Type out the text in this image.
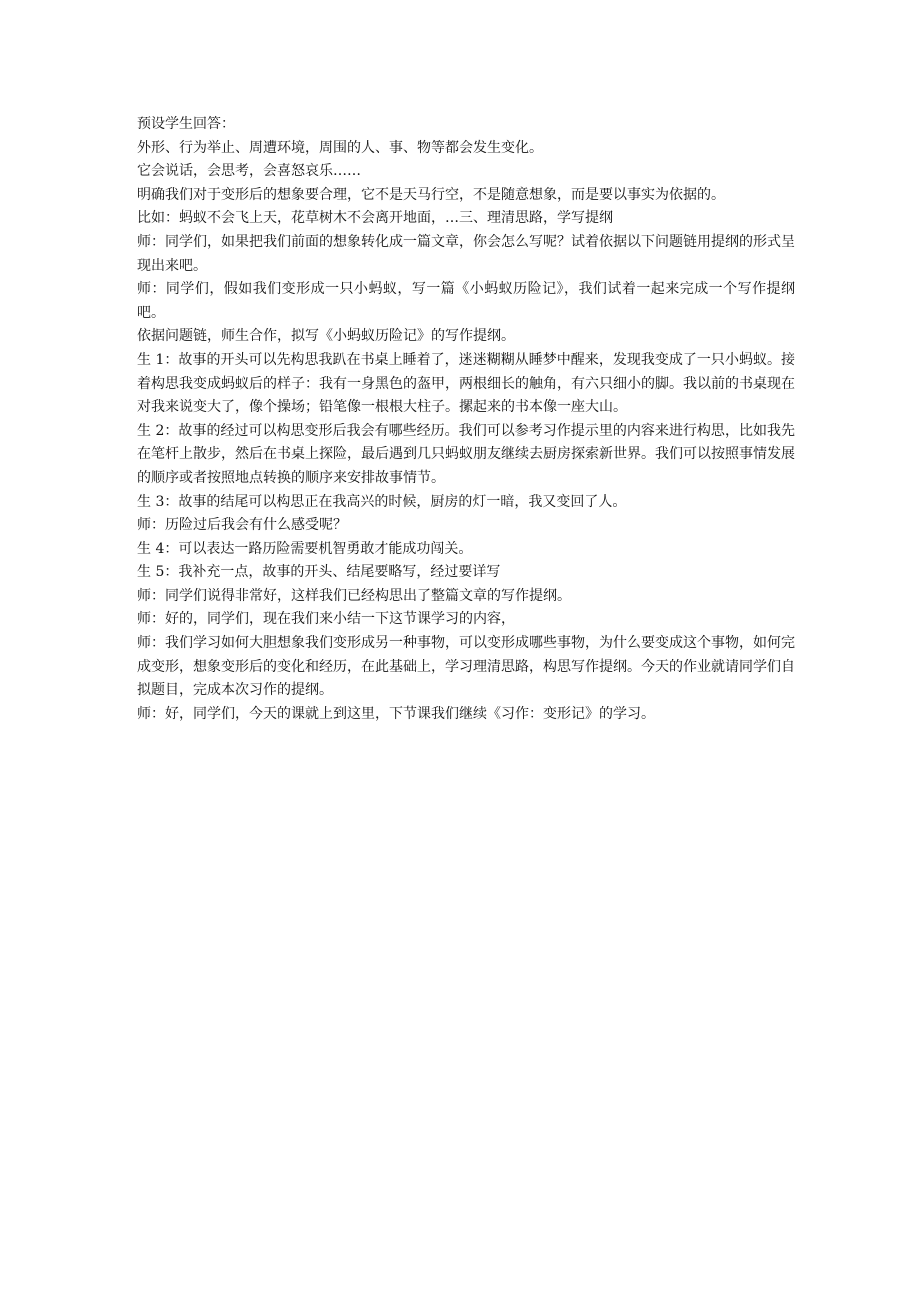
预设学生回答：

外形、行为举止、周遭环境，周围的人、事、物等都会发生变化。

它会说话，会思考，会喜怒哀乐……

明确我们对于变形后的想象要合理，它不是天马行空，不是随意想象，而是要以事实为依据的。

比如：蚂蚁不会飞上天，花草树木不会离开地面，…三、理清思路，学写提纲

师：同学们，如果把我们前面的想象转化成一篇文章，你会怎么写呢？试着依据以下问题链用提纲的形式呈现出来吧。

师：同学们，假如我们变形成一只小蚂蚁，写一篇《小蚂蚁历险记》，我们试着一起来完成一个写作提纲吧。

依据问题链，师生合作，拟写《小蚂蚁历险记》的写作提纲。

生 1：故事的开头可以先构思我趴在书桌上睡着了，迷迷糊糊从睡梦中醒来，发现我变成了一只小蚂蚁。接着构思我变成蚂蚁后的样子：我有一身黑色的盔甲，两根细长的触角，有六只细小的脚。我以前的书桌现在对我来说变大了，像个操场；铅笔像一根根大柱子。摞起来的书本像一座大山。

生 2：故事的经过可以构思变形后我会有哪些经历。我们可以参考习作提示里的内容来进行构思，比如我先在笔杆上散步，然后在书桌上探险，最后遇到几只蚂蚁朋友继续去厨房探索新世界。我们可以按照事情发展的顺序或者按照地点转换的顺序来安排故事情节。

生 3：故事的结尾可以构思正在我高兴的时候，厨房的灯一暗，我又变回了人。

师：历险过后我会有什么感受呢？

生 4：可以表达一路历险需要机智勇敢才能成功闯关。

生 5：我补充一点，故事的开头、结尾要略写，经过要详写

师：同学们说得非常好，这样我们已经构思出了整篇文章的写作提纲。

师：好的，同学们，现在我们来小结一下这节课学习的内容，

师：我们学习如何大胆想象我们变形成另一种事物，可以变形成哪些事物，为什么要变成这个事物，如何完成变形，想象变形后的变化和经历，在此基础上，学习理清思路，构思写作提纲。今天的作业就请同学们自拟题目，完成本次习作的提纲。

师：好，同学们，今天的课就上到这里，下节课我们继续《习作：变形记》的学习。
